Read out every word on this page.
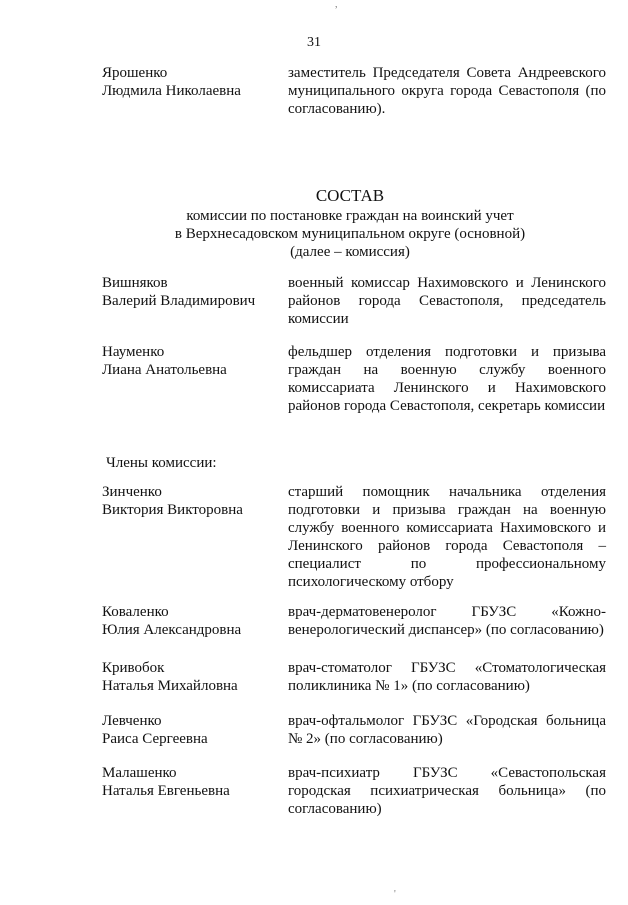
31
Ярошенко
Людмила Николаевна
заместитель Председателя Совета Андреевского муниципального округа города Севастополя (по согласованию).
СОСТАВ
комиссии по постановке граждан на воинский учет
в Верхнесадовском муниципальном округе (основной)
(далее – комиссия)
Вишняков
Валерий Владимирович
военный комиссар Нахимовского и Ленинского районов города Севастополя, председатель комиссии
Науменко
Лиана Анатольевна
фельдшер отделения подготовки и призыва граждан на военную службу военного комиссариата Ленинского и Нахимовского районов города Севастополя, секретарь комиссии
Члены комиссии:
Зинченко
Виктория Викторовна
старший помощник начальника отделения подготовки и призыва граждан на военную службу военного комиссариата Нахимовского и Ленинского районов города Севастополя – специалист по профессиональному психологическому отбору
Коваленко
Юлия Александровна
врач-дерматовенеролог ГБУЗС «Кожно-венерологический диспансер» (по согласованию)
Кривобок
Наталья Михайловна
врач-стоматолог ГБУЗС «Стоматологическая поликлиника № 1» (по согласованию)
Левченко
Раиса Сергеевна
врач-офтальмолог ГБУЗС «Городская больница № 2» (по согласованию)
Малашенко
Наталья Евгеньевна
врач-психиатр ГБУЗС «Севастопольская городская психиатрическая больница» (по согласованию)
,
'
